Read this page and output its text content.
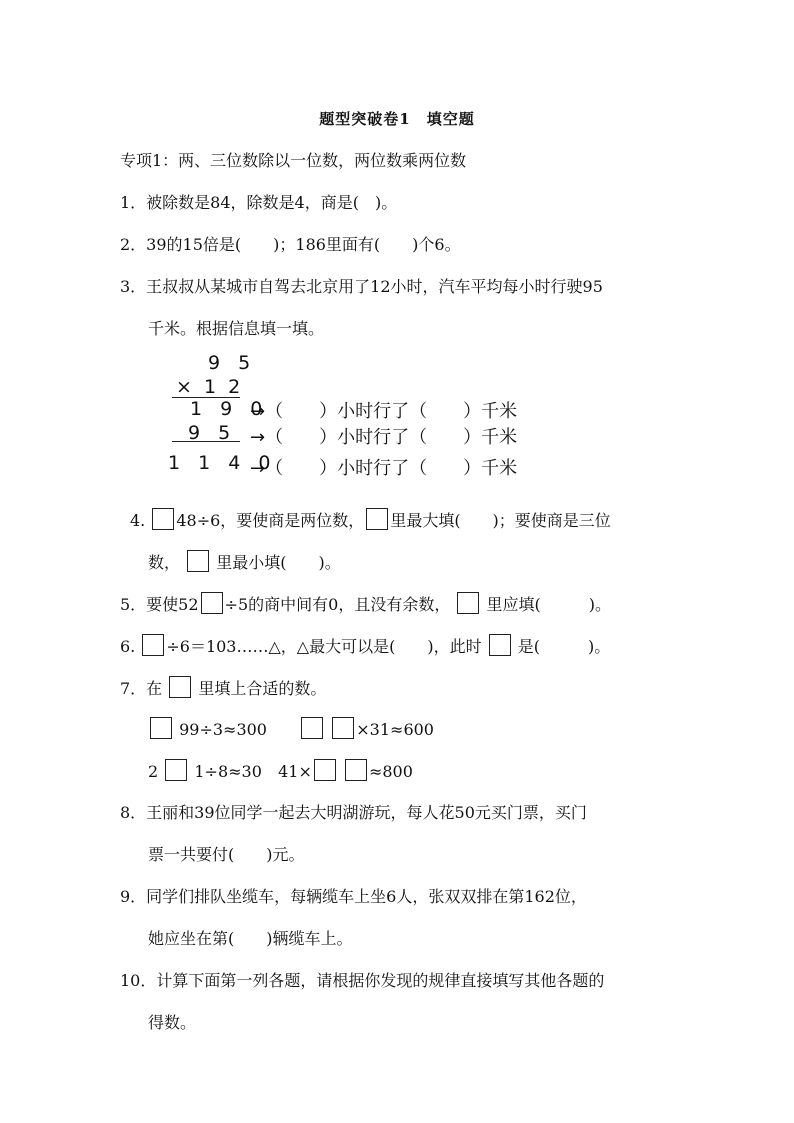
题型突破卷1　填空题
专项1：两、三位数除以一位数，两位数乘两位数
1．被除数是84，除数是4，商是(　)。
2．39的15倍是(　　)；186里面有(　　)个6。
3．王叔叔从某城市自驾去北京用了12小时，汽车平均每小时行驶95
千米。根据信息填一填。
9 5
× 1 2
1 9 0
9 5
1 1 4 0
→（　　）小时行了（　　）千米
→（　　）小时行了（　　）千米
→（　　）小时行了（　　）千米
4. 48÷6，要使商是两位数， 里最大填(　　)；要使商是三位
数， 里最小填(　　)。
5．要使52 ÷5的商中间有0，且没有余数， 里应填(　　　)。
6. ÷6＝103……△，△最大可以是(　　)，此时 是(　　　)。
7．在 里填上合适的数。
99÷3≈300	×31≈600
2 1÷8≈30 41×	≈800
8．王丽和39位同学一起去大明湖游玩，每人花50元买门票，买门
票一共要付(　　)元。
9．同学们排队坐缆车，每辆缆车上坐6人，张双双排在第162位，
她应坐在第(　　)辆缆车上。
10．计算下面第一列各题，请根据你发现的规律直接填写其他各题的
得数。
